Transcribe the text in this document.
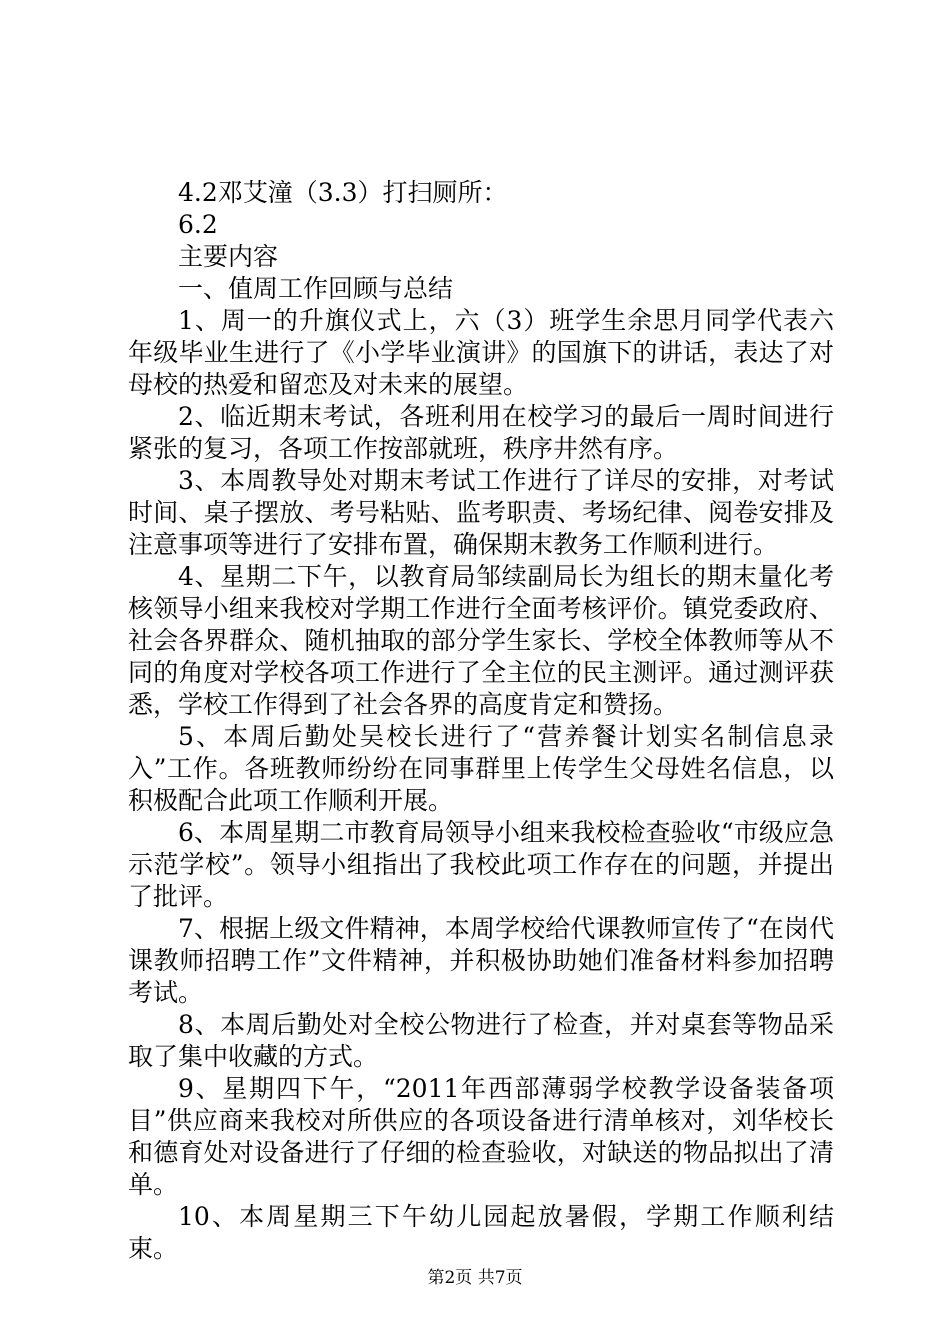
4.2邓艾潼（3.3）打扫厕所：
6.2
主要内容
一、值周工作回顾与总结

1、周一的升旗仪式上，六（3）班学生余思月同学代表六年级毕业生进行了《小学毕业演讲》的国旗下的讲话，表达了对母校的热爱和留恋及对未来的展望。

2、临近期末考试，各班利用在校学习的最后一周时间进行紧张的复习，各项工作按部就班，秩序井然有序。

3、本周教导处对期末考试工作进行了详尽的安排，对考试时间、桌子摆放、考号粘贴、监考职责、考场纪律、阅卷安排及注意事项等进行了安排布置，确保期末教务工作顺利进行。

4、星期二下午，以教育局邹续副局长为组长的期末量化考核领导小组来我校对学期工作进行全面考核评价。镇党委政府、社会各界群众、随机抽取的部分学生家长、学校全体教师等从不同的角度对学校各项工作进行了全主位的民主测评。通过测评获悉，学校工作得到了社会各界的高度肯定和赞扬。

5、本周后勤处吴校长进行了“营养餐计划实名制信息录入”工作。各班教师纷纷在同事群里上传学生父母姓名信息，以积极配合此项工作顺利开展。

6、本周星期二市教育局领导小组来我校检查验收“市级应急示范学校”。领导小组指出了我校此项工作存在的问题，并提出了批评。

7、根据上级文件精神，本周学校给代课教师宣传了“在岗代课教师招聘工作”文件精神，并积极协助她们准备材料参加招聘考试。

8、本周后勤处对全校公物进行了检查，并对桌套等物品采取了集中收藏的方式。

9、星期四下午，“2011年西部薄弱学校教学设备装备项目”供应商来我校对所供应的各项设备进行清单核对，刘华校长和德育处对设备进行了仔细的检查验收，对缺送的物品拟出了清单。

10、本周星期三下午幼儿园起放暑假，学期工作顺利结束。

第2页 共7页
